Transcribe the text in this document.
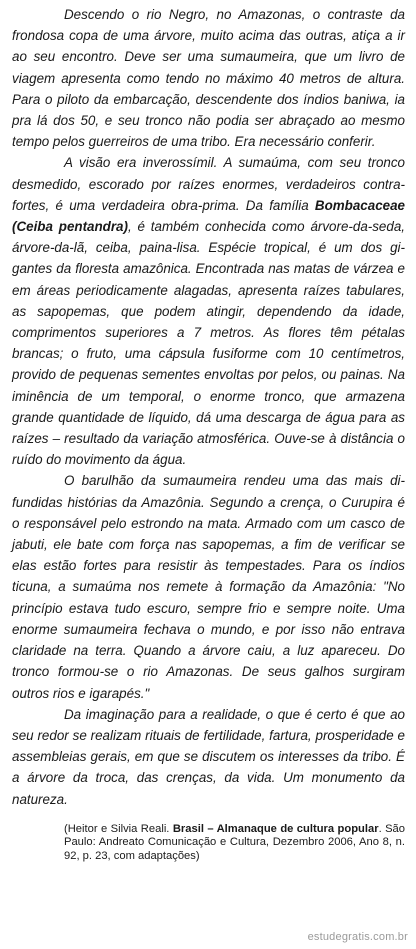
Descendo o rio Negro, no Amazonas, o contraste da frondosa copa de uma árvore, muito acima das outras, atiça a ir ao seu encontro. Deve ser uma sumaumeira, que um livro de viagem apresenta como tendo no máximo 40 metros de altura. Para o piloto da embarcação, descendente dos índios baniwa, ia pra lá dos 50, e seu tronco não podia ser abraçado ao mesmo tempo pelos guerreiros de uma tribo. Era necessário conferir.

A visão era inverossímil. A sumaúma, com seu tronco desmedido, escorado por raízes enormes, verdadeiros contrafortes, é uma verdadeira obra-prima. Da família Bombacaceae (Ceiba pentandra), é também conhecida como árvore-da-seda, árvore-da-lã, ceiba, paina-lisa. Espécie tropical, é um dos gigantes da floresta amazônica. Encontrada nas matas de várzea e em áreas periodicamente alagadas, apresenta raízes tabulares, as sapopemas, que podem atingir, dependendo da idade, comprimentos superiores a 7 metros. As flores têm pétalas brancas; o fruto, uma cápsula fusiforme com 10 centímetros, provido de pequenas sementes envoltas por pelos, ou painas. Na iminência de um temporal, o enorme tronco, que armazena grande quantidade de líquido, dá uma descarga de água para as raízes – resultado da variação atmosférica. Ouve-se à distância o ruído do movimento da água.

O barulhão da sumaumeira rendeu uma das mais difundidas histórias da Amazônia. Segundo a crença, o Curupira é o responsável pelo estrondo na mata. Armado com um casco de jabuti, ele bate com força nas sapopemas, a fim de verificar se elas estão fortes para resistir às tempestades. Para os índios ticuna, a sumaúma nos remete à formação da Amazônia: "No princípio estava tudo escuro, sempre frio e sempre noite. Uma enorme sumaumeira fechava o mundo, e por isso não entrava claridade na terra. Quando a árvore caiu, a luz apareceu. Do tronco formou-se o rio Amazonas. De seus galhos surgiram outros rios e igarapés."

Da imaginação para a realidade, o que é certo é que ao seu redor se realizam rituais de fertilidade, fartura, prosperidade e assembleias gerais, em que se discutem os interesses da tribo. É a árvore da troca, das crenças, da vida. Um monumento da natureza.

(Heitor e Silvia Reali. Brasil – Almanaque de cultura popular. São Paulo: Andreato Comunicação e Cultura, Dezembro 2006, Ano 8, n. 92, p. 23, com adaptações)

estudegratis.com.br
